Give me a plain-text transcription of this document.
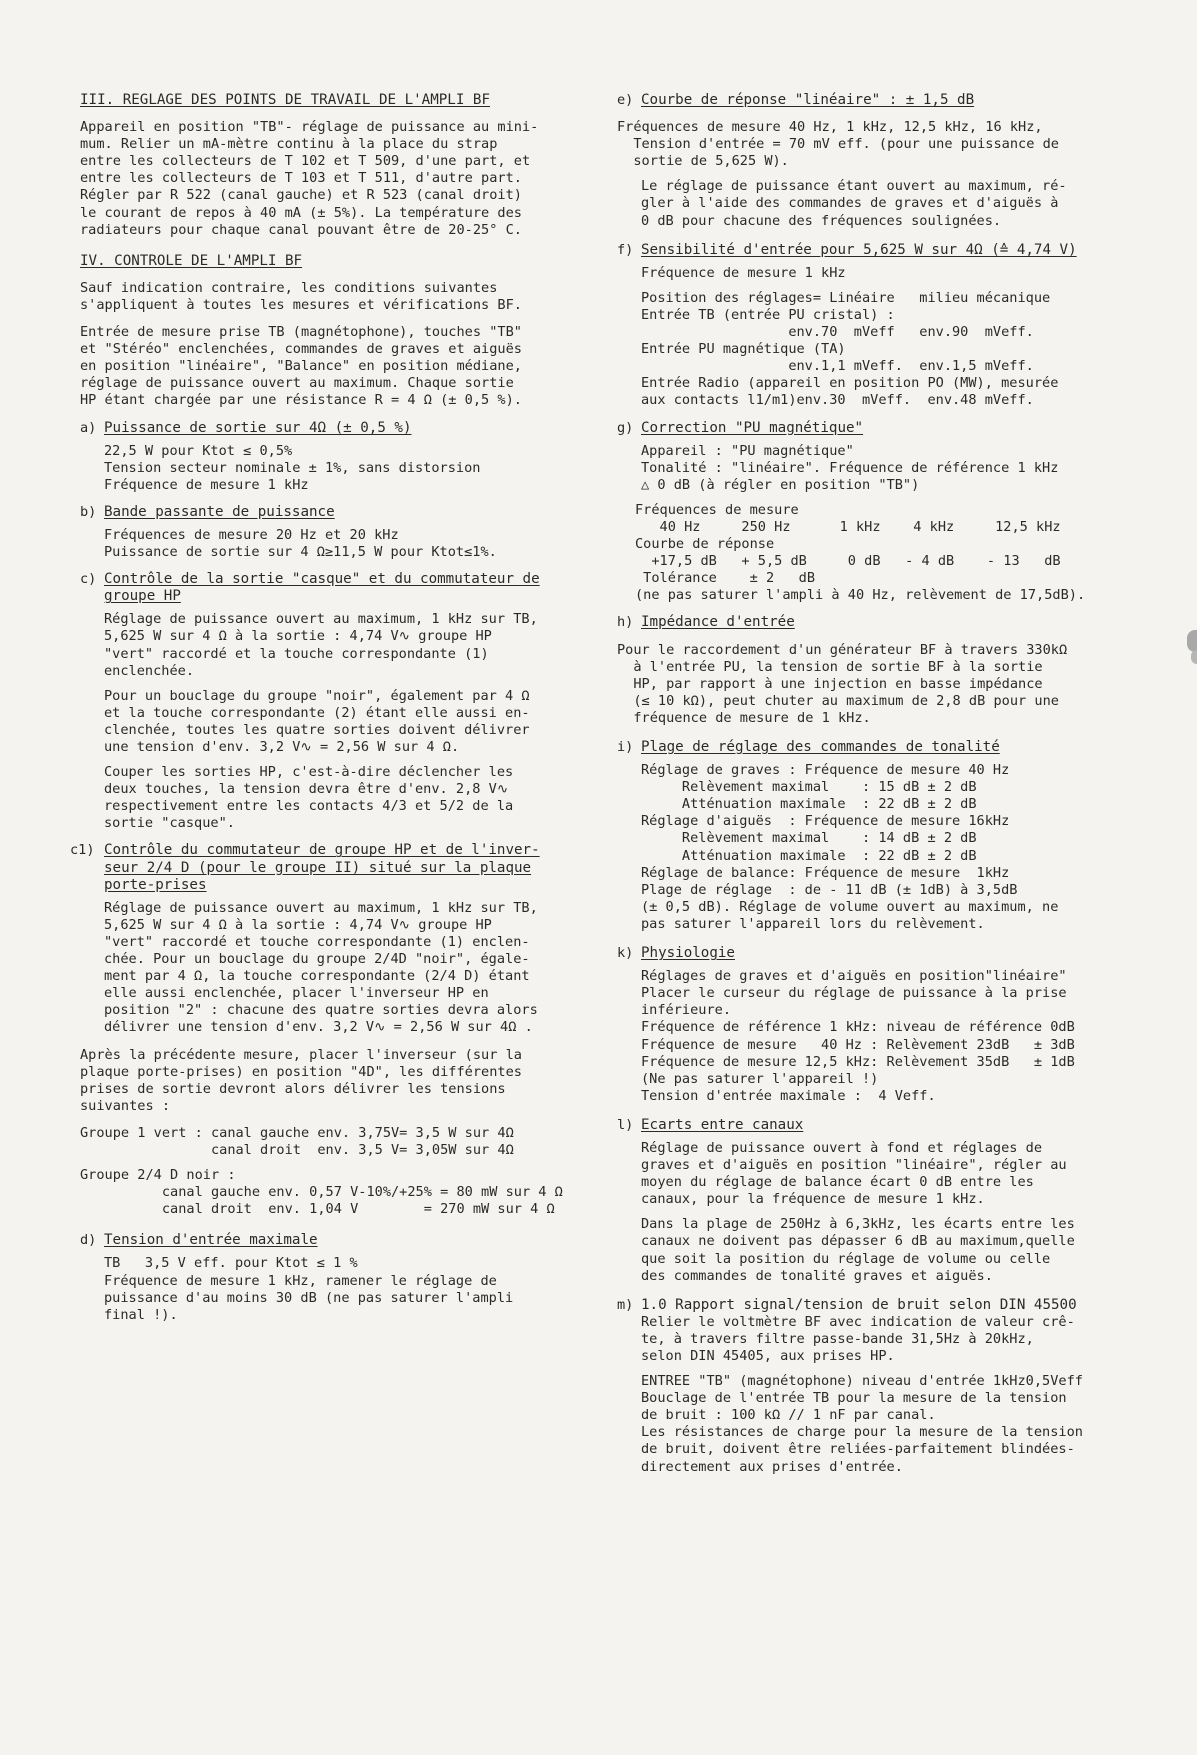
III. REGLAGE DES POINTS DE TRAVAIL DE L'AMPLI BF
Appareil en position "TB"- réglage de puissance au mini-
mum. Relier un mA-mètre continu à la place du strap
entre les collecteurs de T 102 et T 509, d'une part, et
entre les collecteurs de T 103 et T 511, d'autre part.
Régler par R 522 (canal gauche) et R 523 (canal droit)
le courant de repos à 40 mA (± 5%). La température des
radiateurs pour chaque canal pouvant être de 20-25° C.
IV. CONTROLE DE L'AMPLI BF
Sauf indication contraire, les conditions suivantes
s'appliquent à toutes les mesures et vérifications BF.
Entrée de mesure prise TB (magnétophone), touches "TB"
et "Stéréo" enclenchées, commandes de graves et aiguës
en position "linéaire", "Balance" en position médiane,
réglage de puissance ouvert au maximum. Chaque sortie
HP étant chargée par une résistance R = 4 Ω (± 0,5 %).
a) Puissance de sortie sur 4Ω (± 0,5 %)
22,5 W pour Ktot ≤ 0,5%
Tension secteur nominale ± 1%, sans distorsion
Fréquence de mesure 1 kHz
b) Bande passante de puissance
Fréquences de mesure 20 Hz et 20 kHz
Puissance de sortie sur 4 Ω≥11,5 W pour Ktot≤1%.
c) Contrôle de la sortie "casque" et du commutateur de
groupe HP
Réglage de puissance ouvert au maximum, 1 kHz sur TB,
5,625 W sur 4 Ω à la sortie : 4,74 V∿ groupe HP
"vert" raccordé et la touche correspondante (1)
enclenchée.
Pour un bouclage du groupe "noir", également par 4 Ω
et la touche correspondante (2) étant elle aussi en-
clenchée, toutes les quatre sorties doivent délivrer
une tension d'env. 3,2 V∿ = 2,56 W sur 4 Ω.
Couper les sorties HP, c'est-à-dire déclencher les
deux touches, la tension devra être d'env. 2,8 V∿
respectivement entre les contacts 4/3 et 5/2 de la
sortie "casque".
c1) Contrôle du commutateur de groupe HP et de l'inver-
seur 2/4 D (pour le groupe II) situé sur la plaque
porte-prises
Réglage de puissance ouvert au maximum, 1 kHz sur TB,
5,625 W sur 4 Ω à la sortie : 4,74 V∿ groupe HP
"vert" raccordé et touche correspondante (1) enclen-
chée. Pour un bouclage du groupe 2/4D "noir", égale-
ment par 4 Ω, la touche correspondante (2/4 D) étant
elle aussi enclenchée, placer l'inverseur HP en
position "2" : chacune des quatre sorties devra alors
délivrer une tension d'env. 3,2 V∿ = 2,56 W sur 4Ω .
Après la précédente mesure, placer l'inverseur (sur la
plaque porte-prises) en position "4D", les différentes
prises de sortie devront alors délivrer les tensions
suivantes :
Groupe 1 vert : canal gauche env. 3,75V= 3,5 W sur 4Ω
canal droit  env. 3,5 V= 3,05W sur 4Ω
Groupe 2/4 D noir :
canal gauche env. 0,57 V-10%/+25% = 80 mW sur 4 Ω
canal droit  env. 1,04 V        = 270 mW sur 4 Ω
d) Tension d'entrée maximale
TB   3,5 V eff. pour Ktot ≤ 1 %
Fréquence de mesure 1 kHz, ramener le réglage de
puissance d'au moins 30 dB (ne pas saturer l'ampli
final !).
e) Courbe de réponse "linéaire" : ± 1,5 dB
Fréquences de mesure 40 Hz, 1 kHz, 12,5 kHz, 16 kHz,
Tension d'entrée = 70 mV eff. (pour une puissance de
sortie de 5,625 W).
Le réglage de puissance étant ouvert au maximum, ré-
gler à l'aide des commandes de graves et d'aiguës à
0 dB pour chacune des fréquences soulignées.
f) Sensibilité d'entrée pour 5,625 W sur 4Ω (≙ 4,74 V)
Fréquence de mesure 1 kHz
Position des réglages= Linéaire   milieu mécanique
Entrée TB (entrée PU cristal) :
env.70  mVeff   env.90  mVeff.
Entrée PU magnétique (TA)
env.1,1 mVeff.  env.1,5 mVeff.
Entrée Radio (appareil en position PO (MW), mesurée
aux contacts l1/m1)env.30  mVeff.  env.48 mVeff.
g) Correction "PU magnétique"
Appareil : "PU magnétique"
Tonalité : "linéaire". Fréquence de référence 1 kHz
△ 0 dB (à régler en position "TB")
Fréquences de mesure
40 Hz     250 Hz      1 kHz    4 kHz     12,5 kHz
Courbe de réponse
+17,5 dB   + 5,5 dB     0 dB   - 4 dB    - 13   dB
Tolérance    ± 2   dB
(ne pas saturer l'ampli à 40 Hz, relèvement de 17,5dB).
h) Impédance d'entrée
Pour le raccordement d'un générateur BF à travers 330kΩ
à l'entrée PU, la tension de sortie BF à la sortie
HP, par rapport à une injection en basse impédance
(≤ 10 kΩ), peut chuter au maximum de 2,8 dB pour une
fréquence de mesure de 1 kHz.
i) Plage de réglage des commandes de tonalité
Réglage de graves : Fréquence de mesure 40 Hz
Relèvement maximal    : 15 dB ± 2 dB
Atténuation maximale  : 22 dB ± 2 dB
Réglage d'aiguës  : Fréquence de mesure 16kHz
Relèvement maximal    : 14 dB ± 2 dB
Atténuation maximale  : 22 dB ± 2 dB
Réglage de balance: Fréquence de mesure  1kHz
Plage de réglage  : de - 11 dB (± 1dB) à 3,5dB
(± 0,5 dB). Réglage de volume ouvert au maximum, ne
pas saturer l'appareil lors du relèvement.
k) Physiologie
Réglages de graves et d'aiguës en position"linéaire"
Placer le curseur du réglage de puissance à la prise
inférieure.
Fréquence de référence 1 kHz: niveau de référence 0dB
Fréquence de mesure   40 Hz : Relèvement 23dB   ± 3dB
Fréquence de mesure 12,5 kHz: Relèvement 35dB   ± 1dB
(Ne pas saturer l'appareil !)
Tension d'entrée maximale :  4 Veff.
l) Ecarts entre canaux
Réglage de puissance ouvert à fond et réglages de
graves et d'aiguës en position "linéaire", régler au
moyen du réglage de balance écart 0 dB entre les
canaux, pour la fréquence de mesure 1 kHz.
Dans la plage de 250Hz à 6,3kHz, les écarts entre les
canaux ne doivent pas dépasser 6 dB au maximum,quelle
que soit la position du réglage de volume ou celle
des commandes de tonalité graves et aiguës.
m) 1.0 Rapport signal/tension de bruit selon DIN 45500
Relier le voltmètre BF avec indication de valeur crê-
te, à travers filtre passe-bande 31,5Hz à 20kHz,
selon DIN 45405, aux prises HP.
ENTREE "TB" (magnétophone) niveau d'entrée 1kHz0,5Veff
Bouclage de l'entrée TB pour la mesure de la tension
de bruit : 100 kΩ // 1 nF par canal.
Les résistances de charge pour la mesure de la tension
de bruit, doivent être reliées-parfaitement blindées-
directement aux prises d'entrée.
